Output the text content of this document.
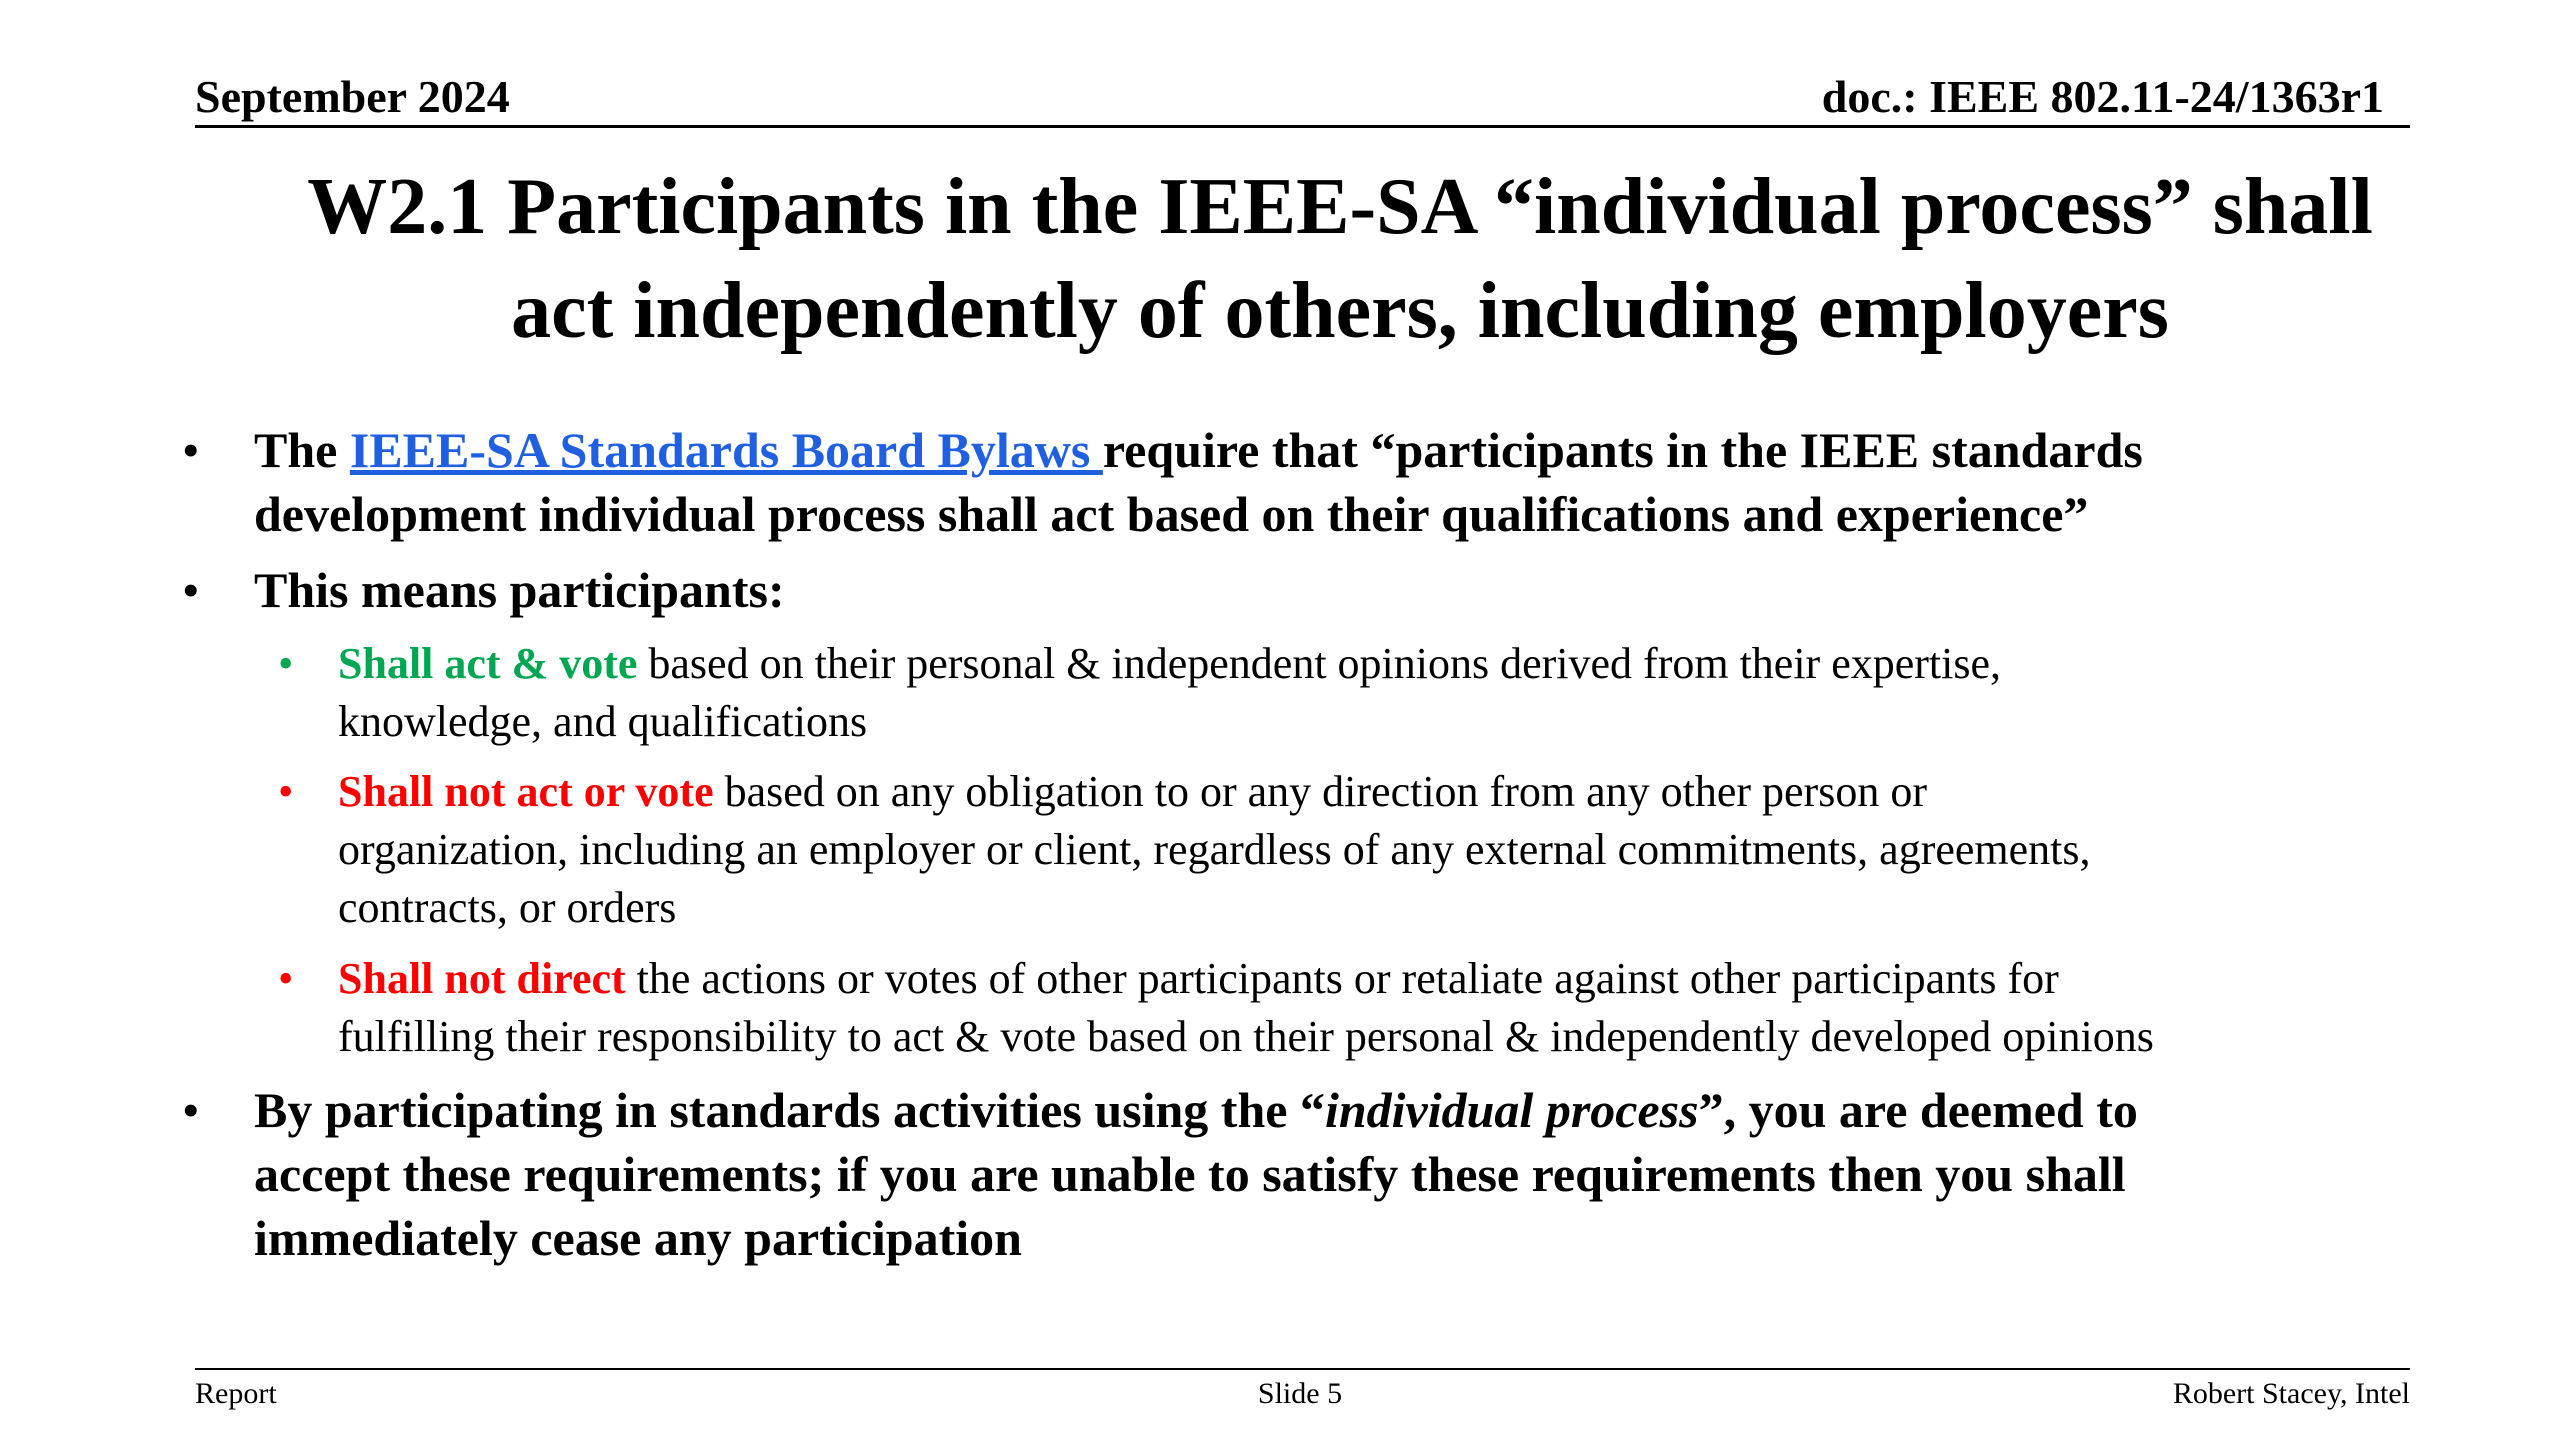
September 2024	doc.: IEEE 802.11-24/1363r1
W2.1 Participants in the IEEE-SA “individual process” shall
act independently of others, including employers
• The IEEE-SA Standards Board Bylaws require that “participants in the IEEE standards
development individual process shall act based on their qualifications and experience”
• This means participants:
• Shall act & vote based on their personal & independent opinions derived from their expertise,
knowledge, and qualifications
• Shall not act or vote based on any obligation to or any direction from any other person or
organization, including an employer or client, regardless of any external commitments, agreements,
contracts, or orders
• Shall not direct the actions or votes of other participants or retaliate against other participants for
fulfilling their responsibility to act & vote based on their personal & independently developed opinions
• By participating in standards activities using the “individual process”, you are deemed to
accept these requirements; if you are unable to satisfy these requirements then you shall
immediately cease any participation
Report	Slide 5	Robert Stacey, Intel
